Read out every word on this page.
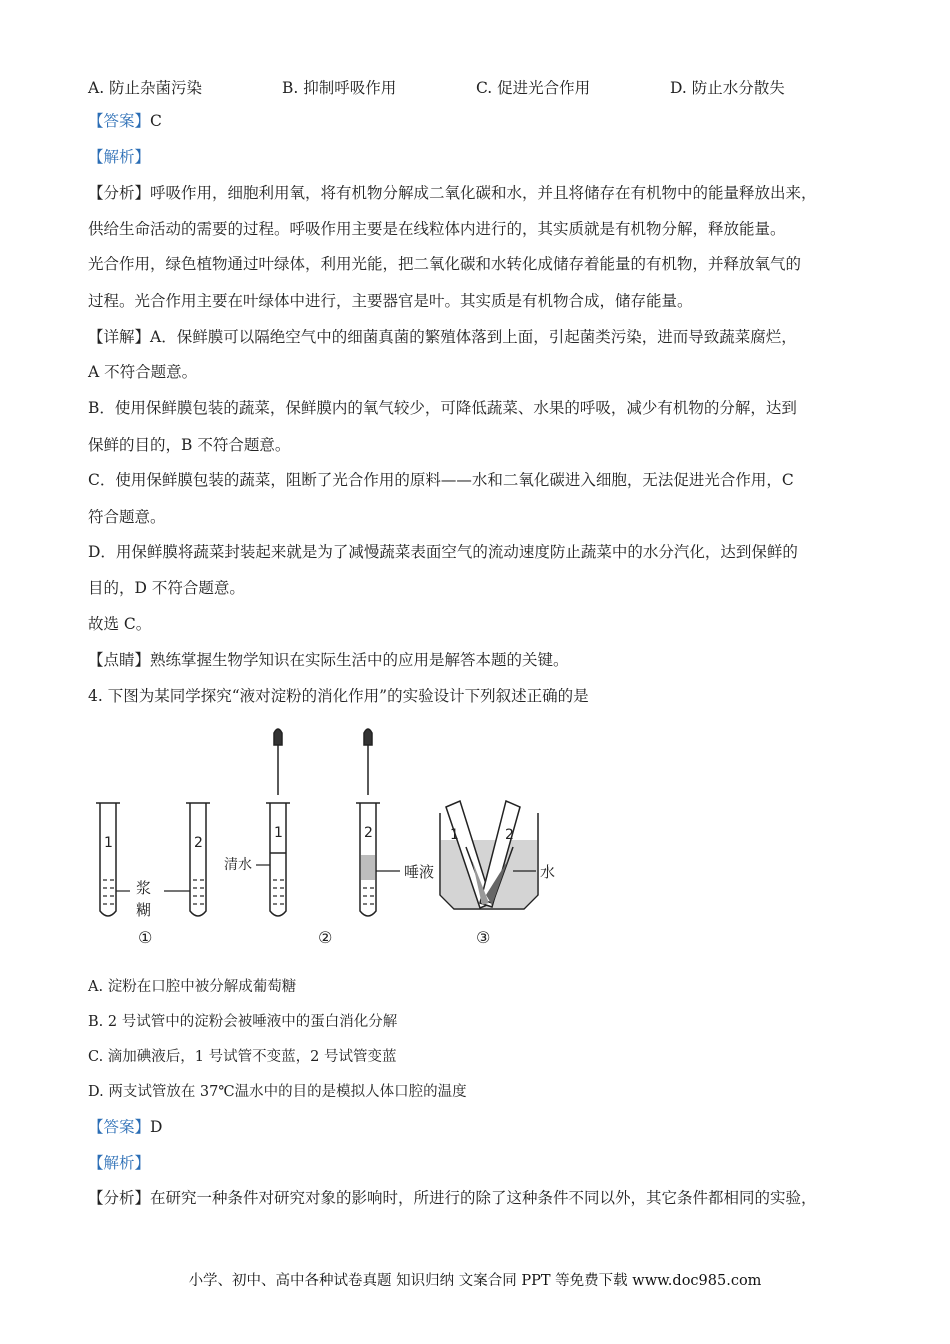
A. 防止杂菌污染	B. 抑制呼吸作用	C. 促进光合作用	D. 防止水分散失
【答案】C
【解析】
【分析】呼吸作用，细胞利用氧，将有机物分解成二氧化碳和水，并且将储存在有机物中的能量释放出来，
供给生命活动的需要的过程。呼吸作用主要是在线粒体内进行的，其实质就是有机物分解，释放能量。
光合作用，绿色植物通过叶绿体，利用光能，把二氧化碳和水转化成储存着能量的有机物，并释放氧气的
过程。光合作用主要在叶绿体中进行，主要器官是叶。其实质是有机物合成，储存能量。
【详解】A．保鲜膜可以隔绝空气中的细菌真菌的繁殖体落到上面，引起菌类污染，进而导致蔬菜腐烂，
A 不符合题意。
B．使用保鲜膜包装的蔬菜，保鲜膜内的氧气较少，可降低蔬菜、水果的呼吸，减少有机物的分解，达到
保鲜的目的，B 不符合题意。
C．使用保鲜膜包装的蔬菜，阻断了光合作用的原料——水和二氧化碳进入细胞，无法促进光合作用，C
符合题意。
D．用保鲜膜将蔬菜封装起来就是为了减慢蔬菜表面空气的流动速度防止蔬菜中的水分汽化，达到保鲜的
目的，D 不符合题意。
故选 C。
【点睛】熟练掌握生物学知识在实际生活中的应用是解答本题的关键。
4. 下图为某同学探究“液对淀粉的消化作用”的实验设计下列叙述正确的是
1	2
1	2	1	2
浆
糊
清水	唾液	水
①	②	③
A. 淀粉在口腔中被分解成葡萄糖
B. 2 号试管中的淀粉会被唾液中的蛋白消化分解
C. 滴加碘液后，1 号试管不变蓝，2 号试管变蓝
D. 两支试管放在 37℃温水中的目的是模拟人体口腔的温度
【答案】D
【解析】
【分析】在研究一种条件对研究对象的影响时，所进行的除了这种条件不同以外，其它条件都相同的实验，
小学、初中、高中各种试卷真题 知识归纳 文案合同 PPT 等免费下载 www.doc985.com
